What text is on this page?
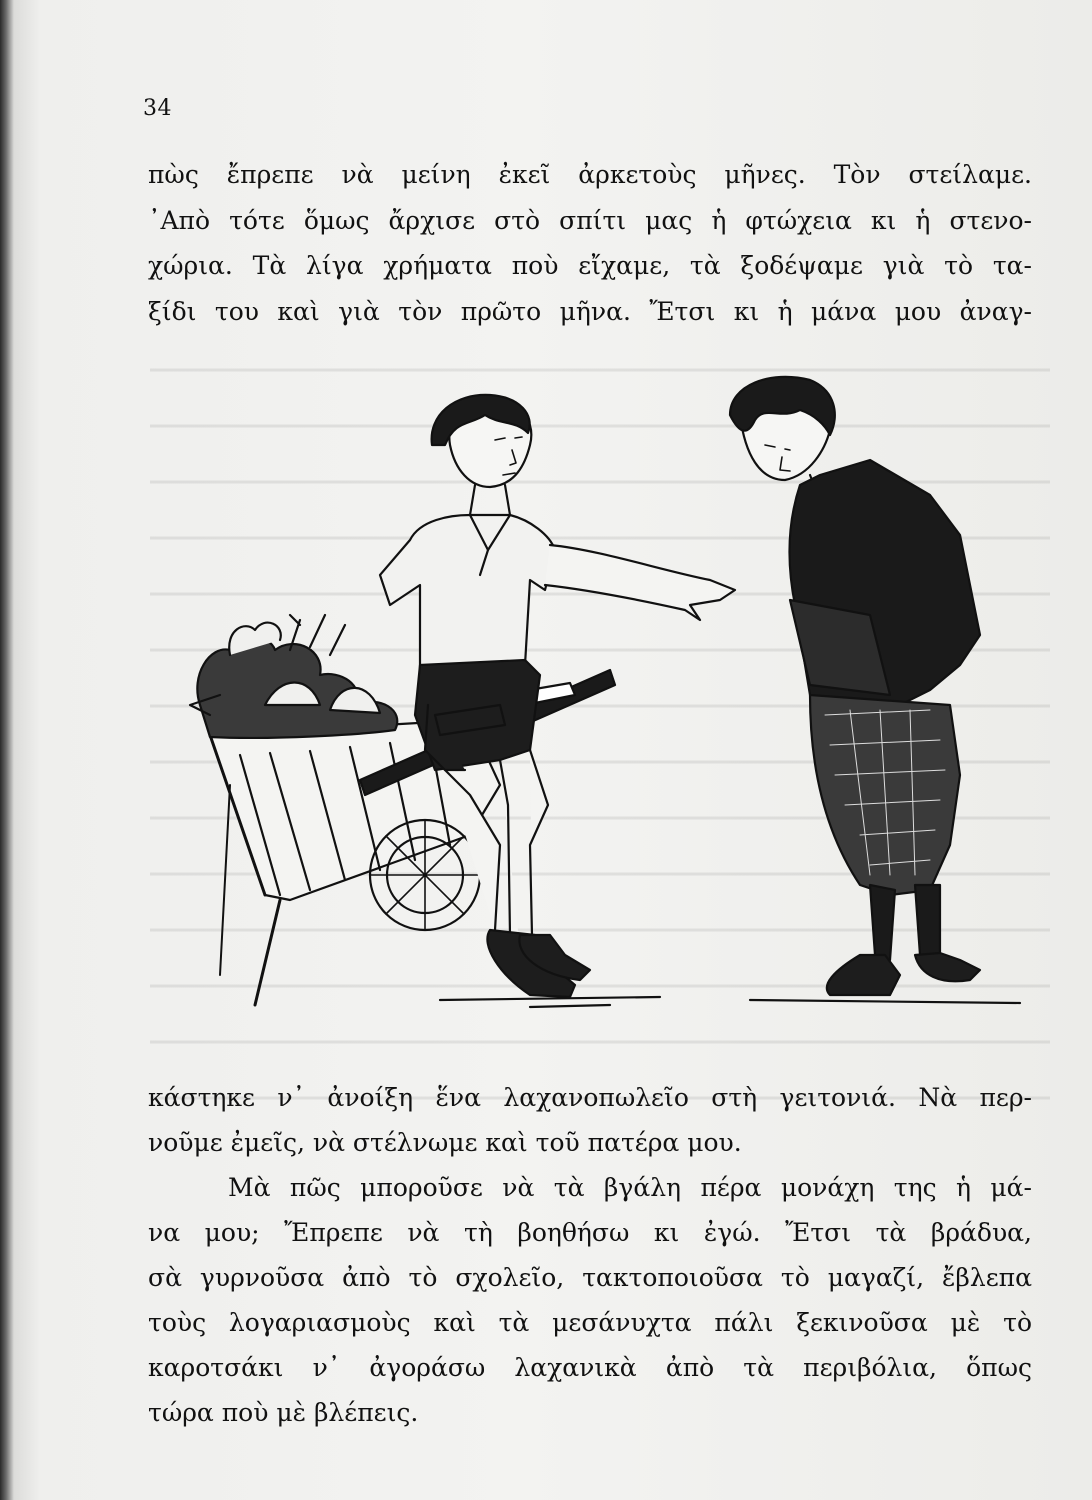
34
πὼς ἔπρεπε νὰ μείνη ἐκεῖ ἀρκετοὺς μῆνες. Τὸν στείλαμε.
᾿Απὸ τότε ὅμως ἄρχισε στὸ σπίτι μας ἡ φτώχεια κι ἡ στενο-
χώρια. Τὰ λίγα χρήματα ποὺ εἴχαμε, τὰ ξοδέψαμε γιὰ τὸ τα-
ξίδι του καὶ γιὰ τὸν πρῶτο μῆνα. Ἔτσι κι ἡ μάνα μου ἀναγ-
κάστηκε ν᾿ ἀνοίξη ἕνα λαχανοπωλεῖο στὴ γειτονιά. Νὰ περ-
νοῦμε ἐμεῖς, νὰ στέλνωμε καὶ τοῦ πατέρα μου.
Μὰ πῶς μποροῦσε νὰ τὰ βγάλη πέρα μονάχη της ἡ μά-
να μου; Ἔπρεπε νὰ τὴ βοηθήσω κι ἐγώ. Ἔτσι τὰ βράδυα,
σὰ γυρνοῦσα ἀπὸ τὸ σχολεῖο, τακτοποιοῦσα τὸ μαγαζί, ἔβλεπα
τοὺς λογαριασμοὺς καὶ τὰ μεσάνυχτα πάλι ξεκινοῦσα μὲ τὸ
καροτσάκι ν᾿ ἀγοράσω λαχανικὰ ἀπὸ τὰ περιβόλια, ὅπως
τώρα ποὺ μὲ βλέπεις.
